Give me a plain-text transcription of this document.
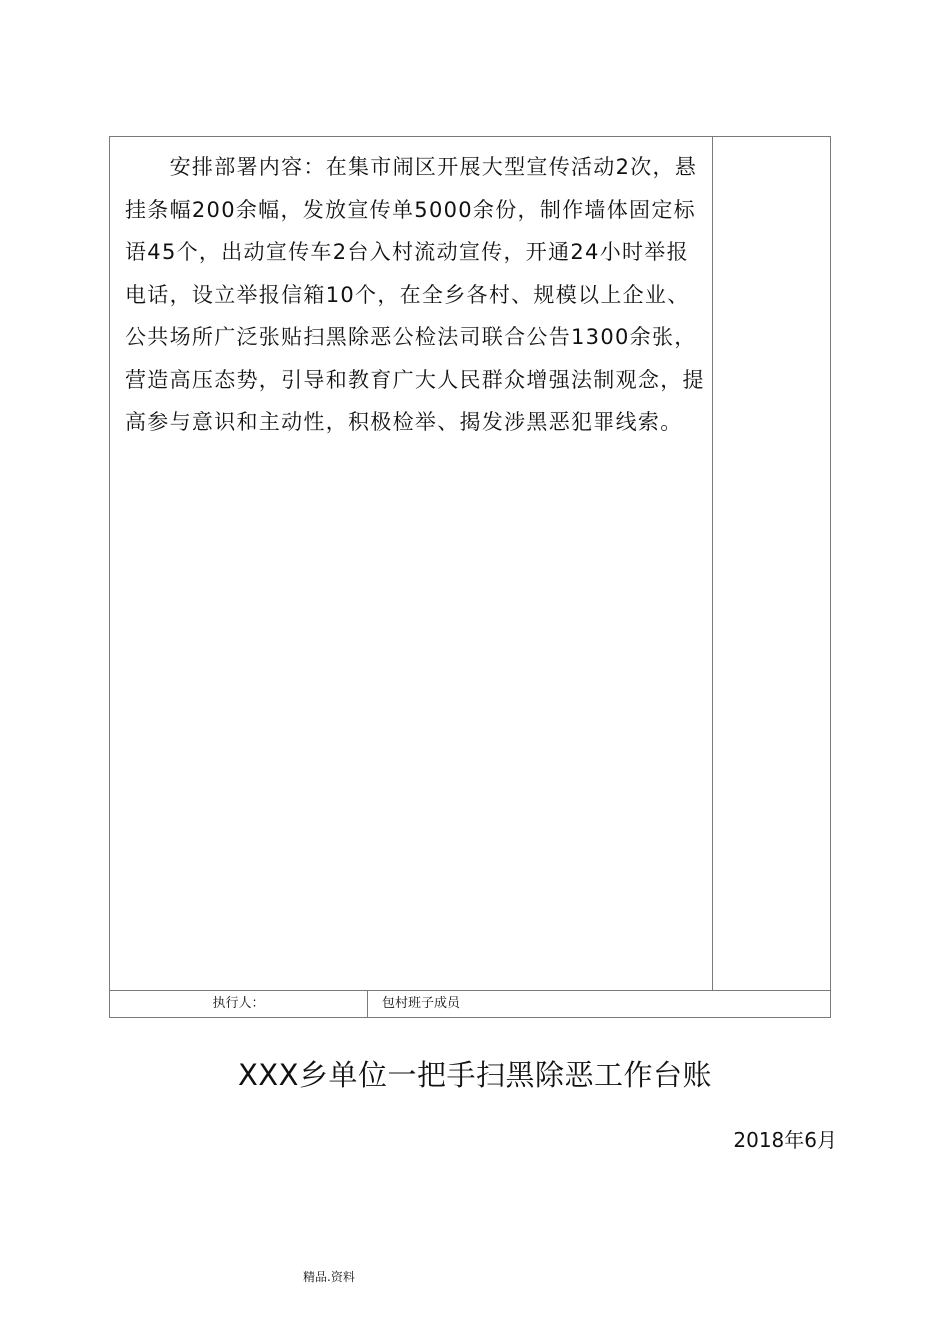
　　安排部署内容：在集市闹区开展大型宣传活动2次，悬挂条幅200余幅，发放宣传单5000余份，制作墙体固定标语45个，出动宣传车2台入村流动宣传，开通24小时举报电话，设立举报信箱10个，在全乡各村、规模以上企业、公共场所广泛张贴扫黑除恶公检法司联合公告1300余张，营造高压态势，引导和教育广大人民群众增强法制观念，提高参与意识和主动性，积极检举、揭发涉黑恶犯罪线索。

执行人：	包村班子成员
XXX乡单位一把手扫黑除恶工作台账
2018年6月
精品.资料
